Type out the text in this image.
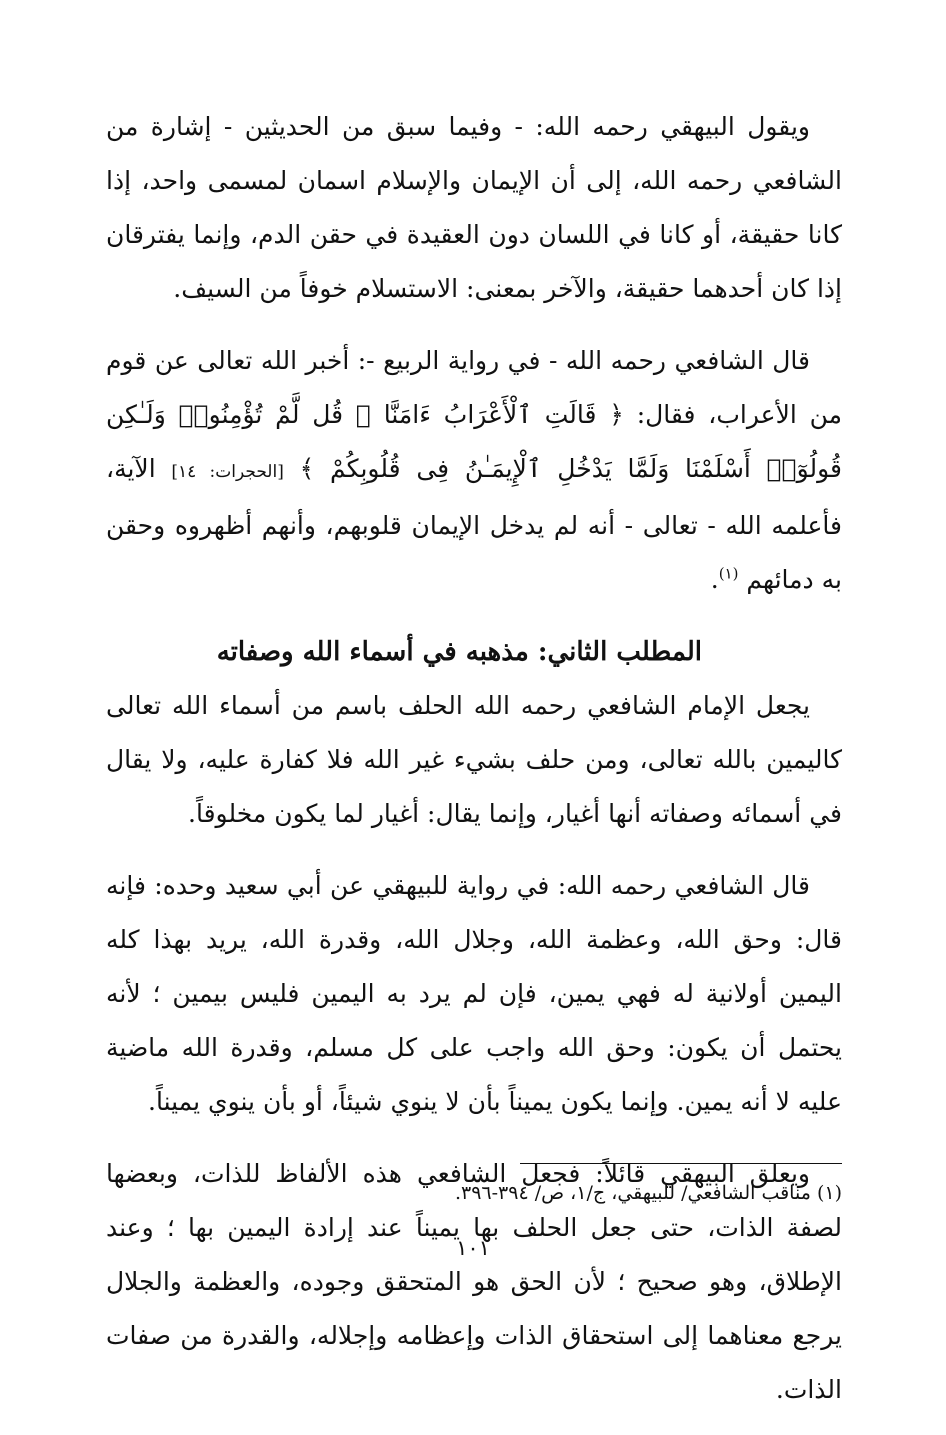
ويقول البيهقي رحمه الله: - وفيما سبق من الحديثين - إشارة من الشافعي رحمه الله، إلى أن الإيمان والإسلام اسمان لمسمى واحد، إذا كانا حقيقة، أو كانا في اللسان دون العقيدة في حقن الدم، وإنما يفترقان إذا كان أحدهما حقيقة، والآخر بمعنى: الاستسلام خوفاً من السيف.

قال الشافعي رحمه الله - في رواية الربيع -: أخبر الله تعالى عن قوم من الأعراب، فقال: ﴿ قَالَتِ ٱلْأَعْرَابُ ءَامَنَّا ۖ قُل لَّمْ تُؤْمِنُوا۟ وَلَـٰكِن قُولُوٓا۟ أَسْلَمْنَا وَلَمَّا يَدْخُلِ ٱلْإِيمَـٰنُ فِى قُلُوبِكُمْ ﴾ [الحجرات: ١٤] الآية، فأعلمه الله - تعالى - أنه لم يدخل الإيمان قلوبهم، وأنهم أظهروه وحقن به دمائهم $^{(١)}$.

المطلب الثاني: مذهبه في أسماء الله وصفاته

يجعل الإمام الشافعي رحمه الله الحلف باسم من أسماء الله تعالى كاليمين بالله تعالى، ومن حلف بشيء غير الله فلا كفارة عليه، ولا يقال في أسمائه وصفاته أنها أغيار، وإنما يقال: أغيار لما يكون مخلوقاً.

قال الشافعي رحمه الله: في رواية للبيهقي عن أبي سعيد وحده: فإنه قال: وحق الله، وعظمة الله، وجلال الله، وقدرة الله، يريد بهذا كله اليمين أولانية له فهي يمين، فإن لم يرد به اليمين فليس بيمين ؛ لأنه يحتمل أن يكون: وحق الله واجب على كل مسلم، وقدرة الله ماضية عليه لا أنه يمين. وإنما يكون يميناً بأن لا ينوي شيئاً، أو بأن ينوي يميناً.

ويعلق البيهقي قائلاً: فجعل الشافعي هذه الألفاظ للذات، وبعضها لصفة الذات، حتى جعل الحلف بها يميناً عند إرادة اليمين بها ؛ وعند الإطلاق، وهو صحيح ؛ لأن الحق هو المتحقق وجوده، والعظمة والجلال يرجع معناهما إلى استحقاق الذات وإعظامه وإجلاله، والقدرة من صفات الذات.

(١) مناقب الشافعي/ للبيهقي، ج/١، ص/ ٣٩٤-٣٩٦.
١٠١
